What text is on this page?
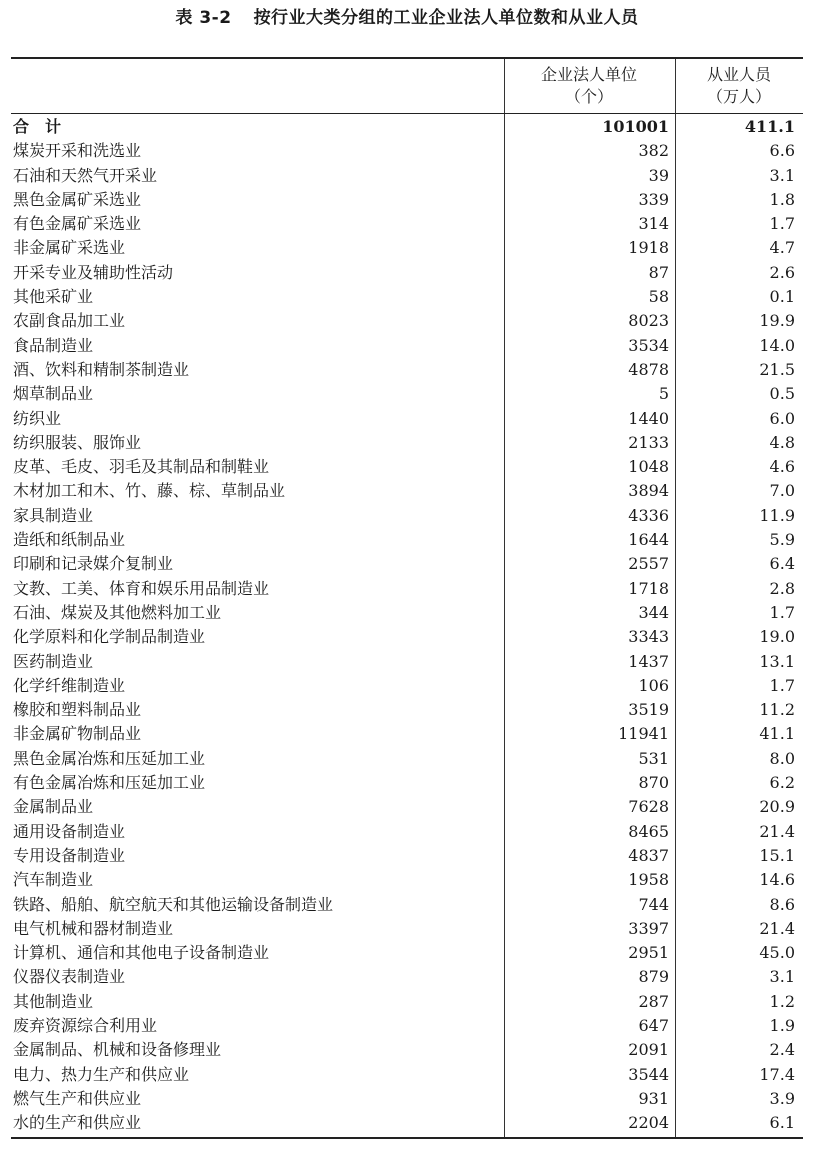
表 3-2 按行业大类分组的工业企业法人单位数和从业人员
企业法人单位
（个）
从业人员
（万人）
合计	101001	411.1
煤炭开采和洗选业	382	6.6
石油和天然气开采业	39	3.1
黑色金属矿采选业	339	1.8
有色金属矿采选业	314	1.7
非金属矿采选业	1918	4.7
开采专业及辅助性活动	87	2.6
其他采矿业	58	0.1
农副食品加工业	8023	19.9
食品制造业	3534	14.0
酒、饮料和精制茶制造业	4878	21.5
烟草制品业	5	0.5
纺织业	1440	6.0
纺织服装、服饰业	2133	4.8
皮革、毛皮、羽毛及其制品和制鞋业	1048	4.6
木材加工和木、竹、藤、棕、草制品业	3894	7.0
家具制造业	4336	11.9
造纸和纸制品业	1644	5.9
印刷和记录媒介复制业	2557	6.4
文教、工美、体育和娱乐用品制造业	1718	2.8
石油、煤炭及其他燃料加工业	344	1.7
化学原料和化学制品制造业	3343	19.0
医药制造业	1437	13.1
化学纤维制造业	106	1.7
橡胶和塑料制品业	3519	11.2
非金属矿物制品业	11941	41.1
黑色金属冶炼和压延加工业	531	8.0
有色金属冶炼和压延加工业	870	6.2
金属制品业	7628	20.9
通用设备制造业	8465	21.4
专用设备制造业	4837	15.1
汽车制造业	1958	14.6
铁路、船舶、航空航天和其他运输设备制造业	744	8.6
电气机械和器材制造业	3397	21.4
计算机、通信和其他电子设备制造业	2951	45.0
仪器仪表制造业	879	3.1
其他制造业	287	1.2
废弃资源综合利用业	647	1.9
金属制品、机械和设备修理业	2091	2.4
电力、热力生产和供应业	3544	17.4
燃气生产和供应业	931	3.9
水的生产和供应业	2204	6.1
